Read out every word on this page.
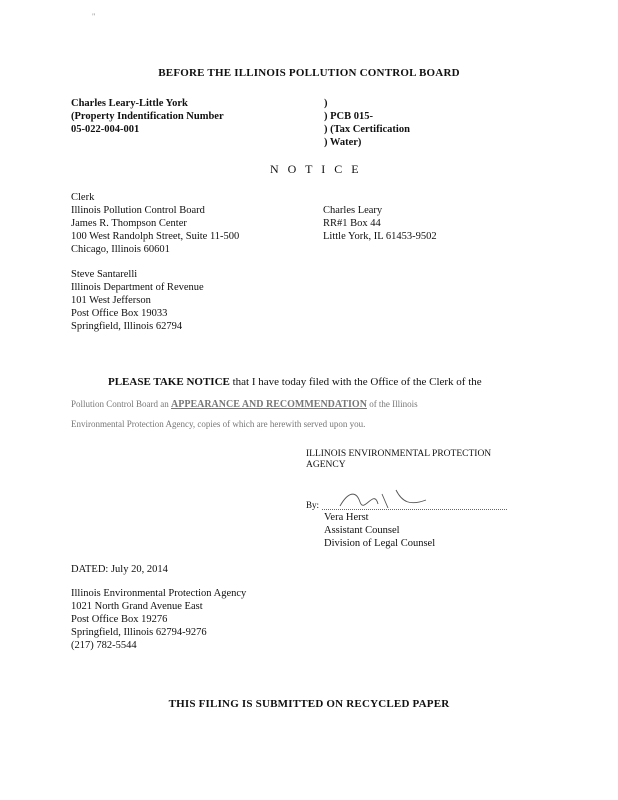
"
BEFORE THE ILLINOIS POLLUTION CONTROL BOARD
Charles Leary-Little York
(Property Indentification Number
05-022-004-001
)
) PCB 015-
) (Tax Certification
) Water)
N O T I C E
Clerk
Illinois Pollution Control Board
James R. Thompson Center
100 West Randolph Street, Suite 11-500
Chicago, Illinois 60601
Charles Leary
RR#1 Box 44
Little York, IL 61453-9502
Steve Santarelli
Illinois Department of Revenue
101 West Jefferson
Post Office Box 19033
Springfield, Illinois 62794
PLEASE TAKE NOTICE that I have today filed with the Office of the Clerk of the
Pollution Control Board an APPEARANCE AND RECOMMENDATION of the Illinois
Environmental Protection Agency, copies of which are herewith served upon you.
ILLINOIS ENVIRONMENTAL PROTECTION
AGENCY
By:
Vera Herst
Assistant Counsel
Division of Legal Counsel
DATED: July 20, 2014
Illinois Environmental Protection Agency
1021 North Grand Avenue East
Post Office Box 19276
Springfield, Illinois 62794-9276
(217) 782-5544
THIS FILING IS SUBMITTED ON RECYCLED PAPER
